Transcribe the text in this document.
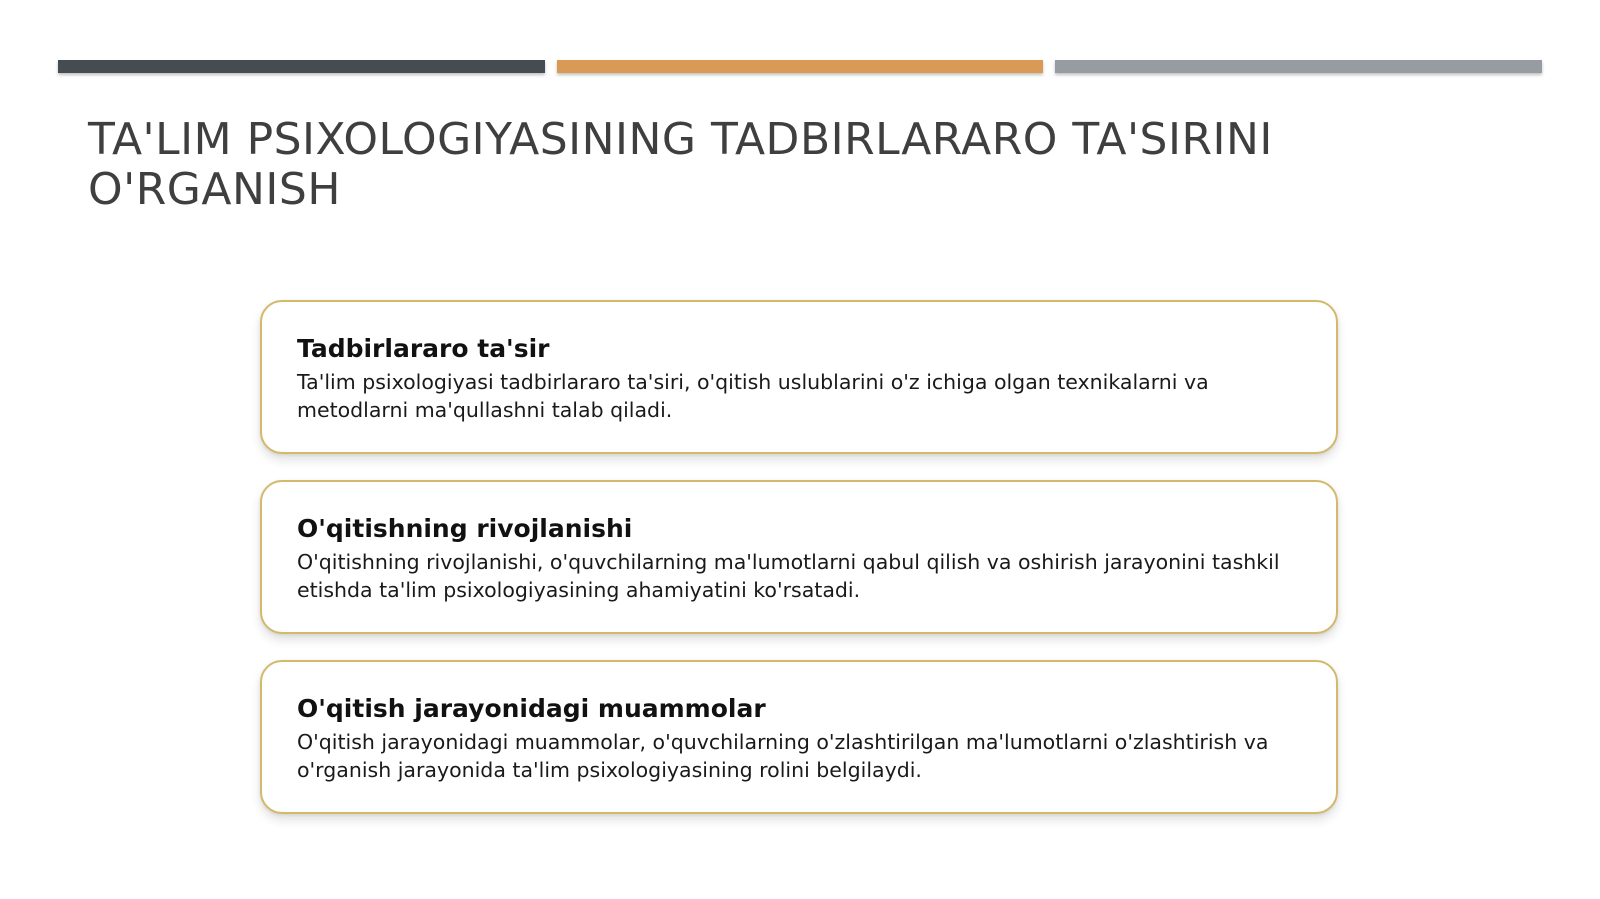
TA'LIM PSIXOLOGIYASINING TADBIRLARARO TA'SIRINI O'RGANISH
Tadbirlararo ta'sir

Ta'lim psixologiyasi tadbirlararo ta'siri, o'qitish uslublarini o'z ichiga olgan texnikalarni va metodlarni ma'qullashni talab qiladi.

O'qitishning rivojlanishi

O'qitishning rivojlanishi, o'quvchilarning ma'lumotlarni qabul qilish va oshirish jarayonini tashkil etishda ta'lim psixologiyasining ahamiyatini ko'rsatadi.

O'qitish jarayonidagi muammolar

O'qitish jarayonidagi muammolar, o'quvchilarning o'zlashtirilgan ma'lumotlarni o'zlashtirish va o'rganish jarayonida ta'lim psixologiyasining rolini belgilaydi.
